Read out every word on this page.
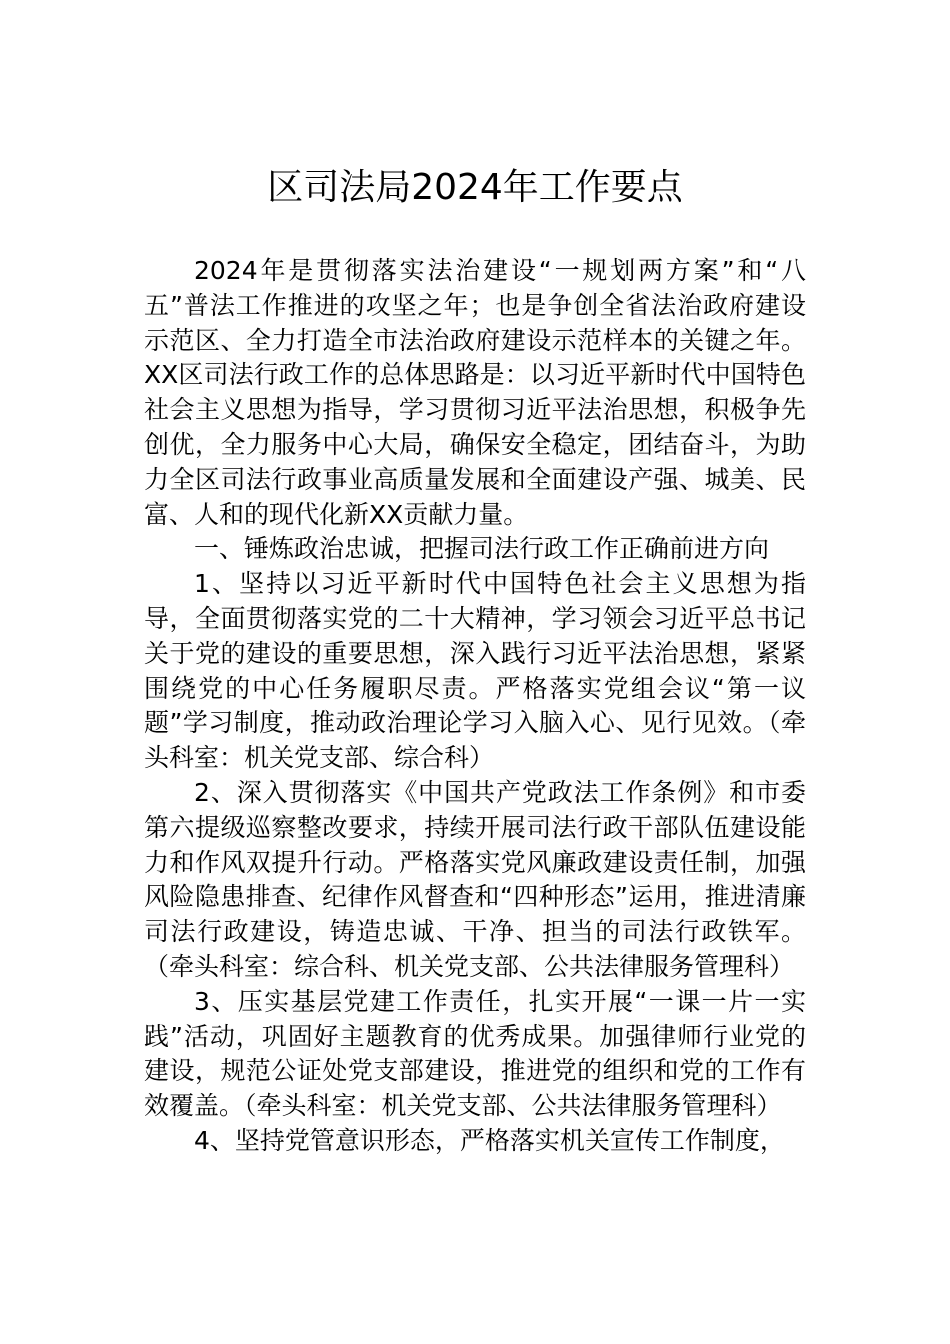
区司法局2024年工作要点

2024年是贯彻落实法治建设“一规划两方案”和“八五”普法工作推进的攻坚之年；也是争创全省法治政府建设示范区、全力打造全市法治政府建设示范样本的关键之年。XX区司法行政工作的总体思路是：以习近平新时代中国特色社会主义思想为指导，学习贯彻习近平法治思想，积极争先创优，全力服务中心大局，确保安全稳定，团结奋斗，为助力全区司法行政事业高质量发展和全面建设产强、城美、民富、人和的现代化新XX贡献力量。

一、锤炼政治忠诚，把握司法行政工作正确前进方向

1、坚持以习近平新时代中国特色社会主义思想为指导，全面贯彻落实党的二十大精神，学习领会习近平总书记关于党的建设的重要思想，深入践行习近平法治思想，紧紧围绕党的中心任务履职尽责。严格落实党组会议“第一议题”学习制度，推动政治理论学习入脑入心、见行见效。（牵头科室：机关党支部、综合科）

2、深入贯彻落实《中国共产党政法工作条例》和市委第六提级巡察整改要求，持续开展司法行政干部队伍建设能力和作风双提升行动。严格落实党风廉政建设责任制，加强风险隐患排查、纪律作风督查和“四种形态”运用，推进清廉司法行政建设，铸造忠诚、干净、担当的司法行政铁军。（牵头科室：综合科、机关党支部、公共法律服务管理科）

3、压实基层党建工作责任，扎实开展“一课一片一实践”活动，巩固好主题教育的优秀成果。加强律师行业党的建设，规范公证处党支部建设，推进党的组织和党的工作有效覆盖。（牵头科室：机关党支部、公共法律服务管理科）

4、坚持党管意识形态，严格落实机关宣传工作制度，
